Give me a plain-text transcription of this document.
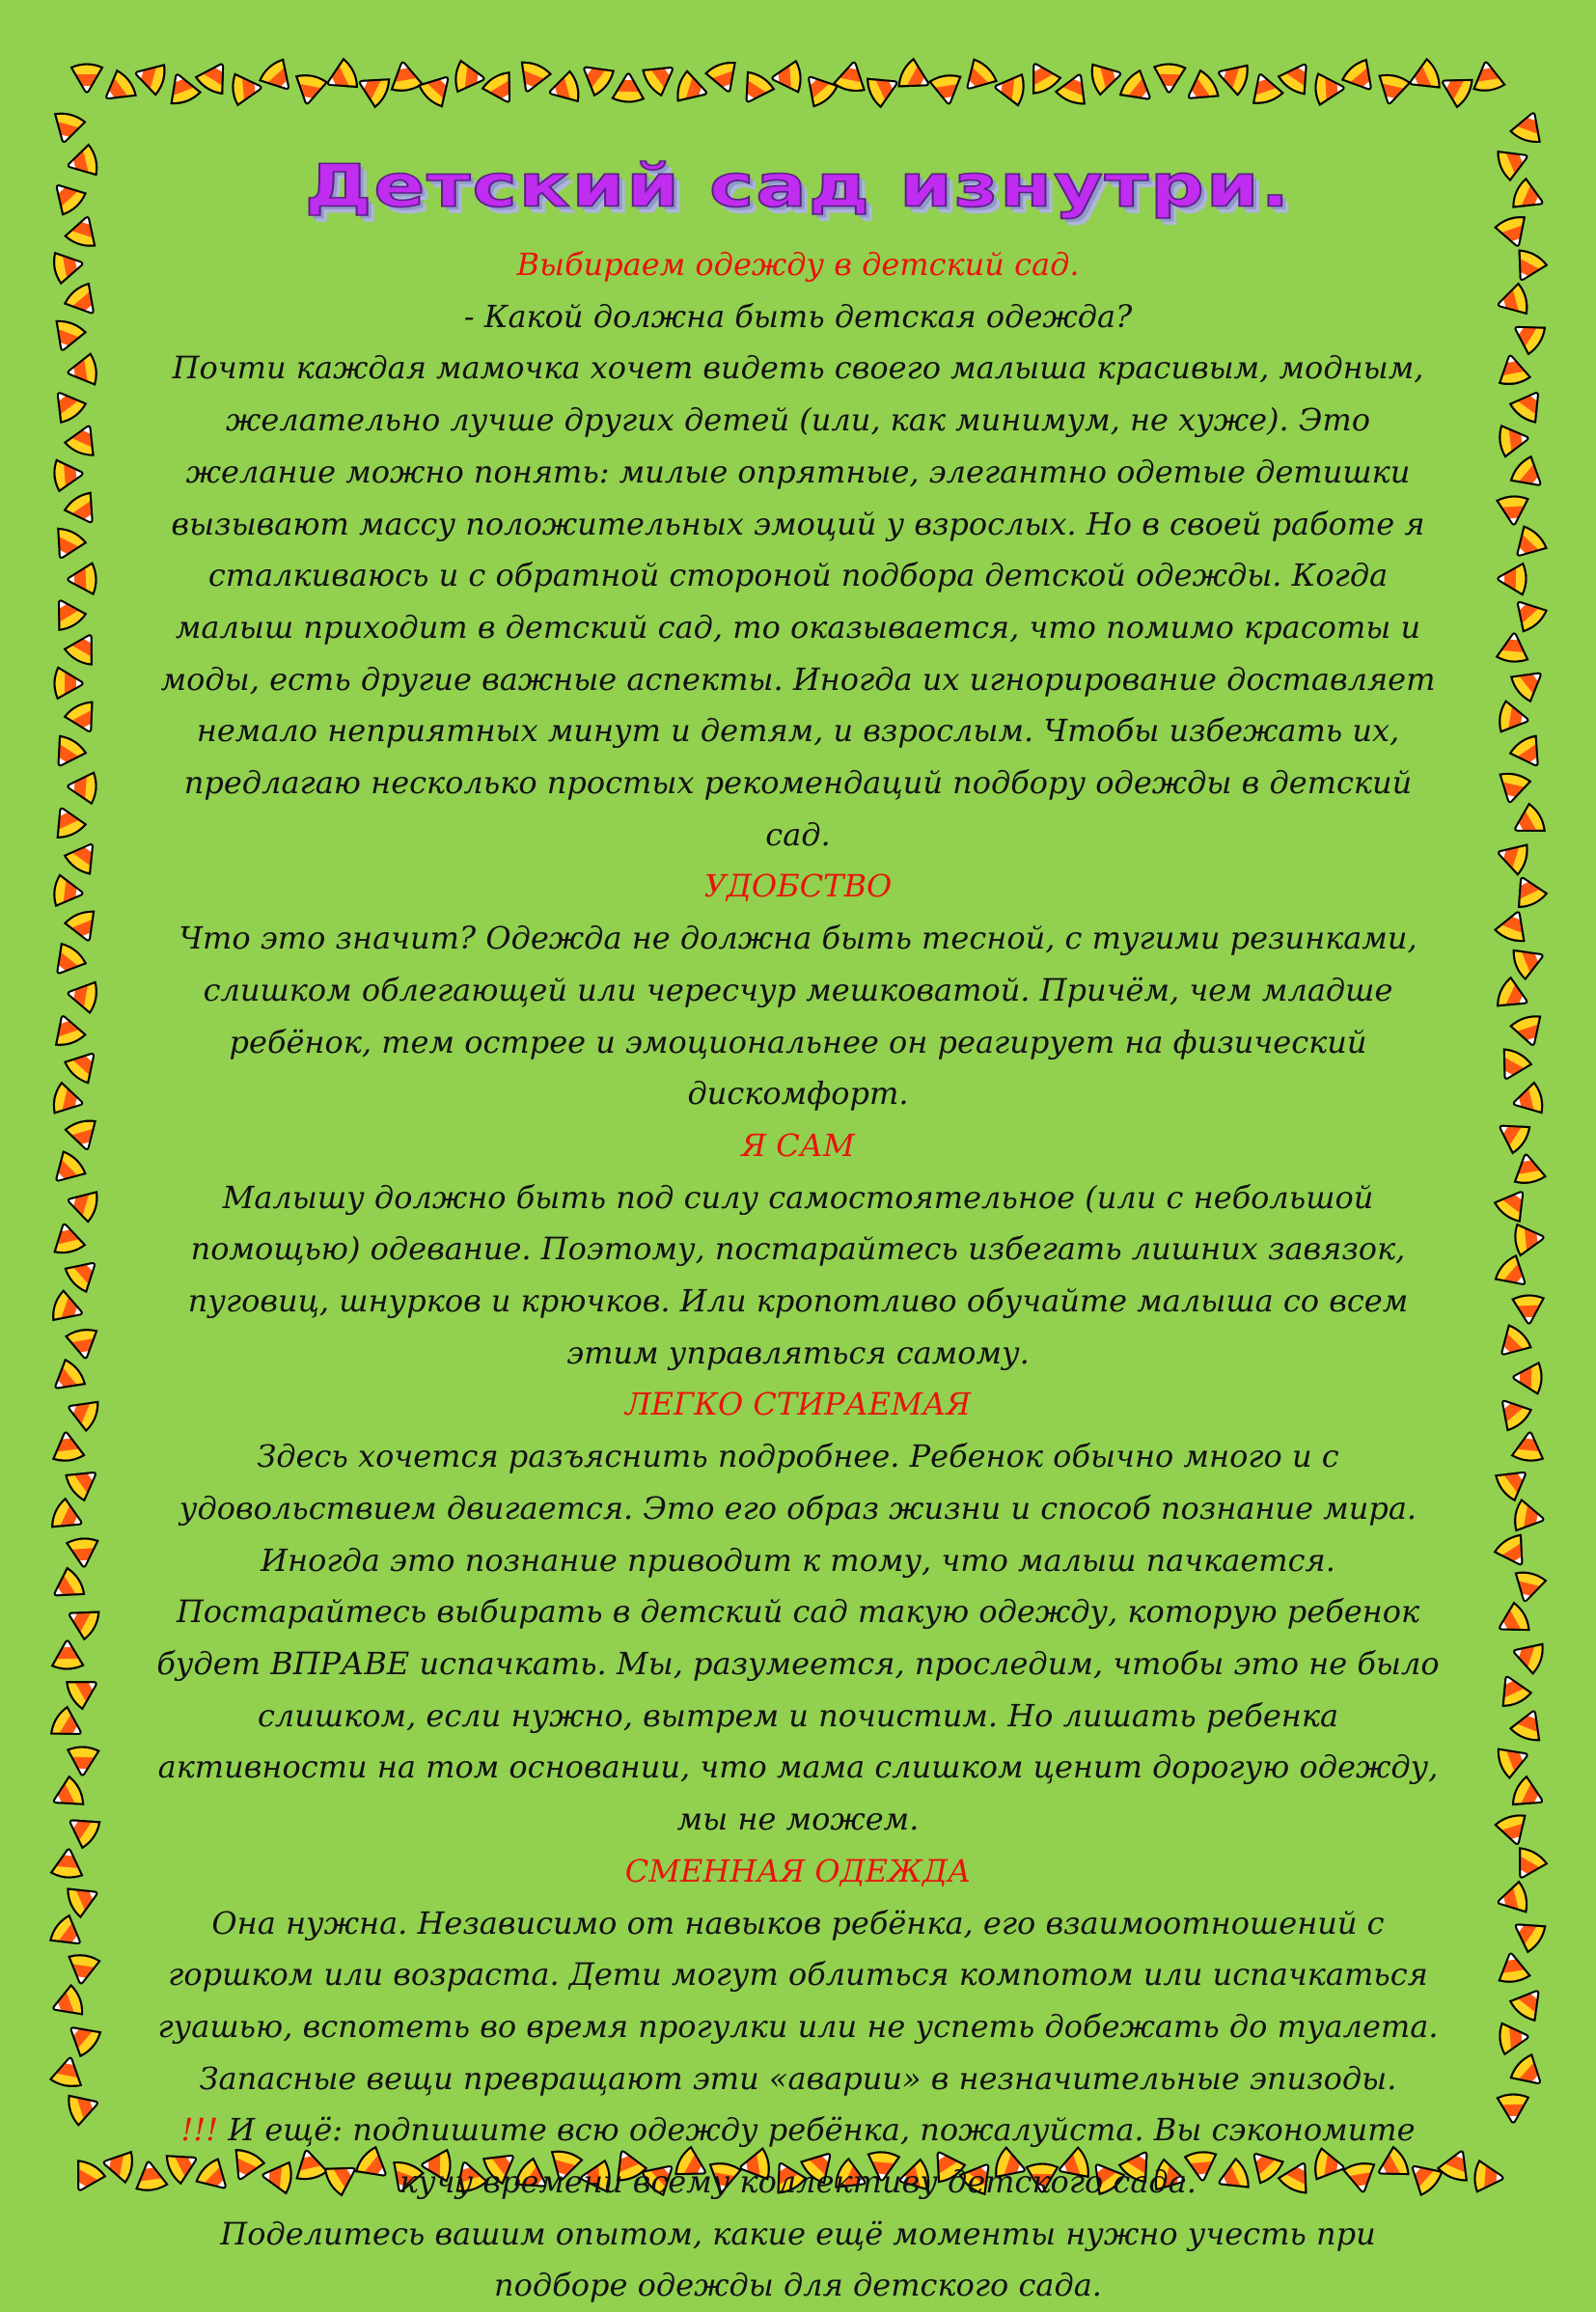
Детский сад изнутри.

Выбираем одежду в детский сад.

- Какой должна быть детская одежда?

Почти каждая мамочка хочет видеть своего малыша красивым, модным, желательно лучше других детей (или, как минимум, не хуже). Это желание можно понять: милые опрятные, элегантно одетые детишки вызывают массу положительных эмоций у взрослых. Но в своей работе я сталкиваюсь и с обратной стороной подбора детской одежды. Когда малыш приходит в детский сад, то оказывается, что помимо красоты и моды, есть другие важные аспекты. Иногда их игнорирование доставляет немало неприятных минут и детям, и взрослым. Чтобы избежать их, предлагаю несколько простых рекомендаций подбору одежды в детский сад.

УДОБСТВО

Что это значит? Одежда не должна быть тесной, с тугими резинками, слишком облегающей или чересчур мешковатой. Причём, чем младше ребёнок, тем острее и эмоциональнее он реагирует на физический дискомфорт.

Я САМ

Малышу должно быть под силу самостоятельное (или с небольшой помощью) одевание. Поэтому, постарайтесь избегать лишних завязок, пуговиц, шнурков и крючков. Или кропотливо обучайте малыша со всем этим управляться самому.

ЛЕГКО СТИРАЕМАЯ

Здесь хочется разъяснить подробнее. Ребенок обычно много и с удовольствием двигается. Это его образ жизни и способ познание мира. Иногда это познание приводит к тому, что малыш пачкается. Постарайтесь выбирать в детский сад такую одежду, которую ребенок будет ВПРАВЕ испачкать. Мы, разумеется, проследим, чтобы это не было слишком, если нужно, вытрем и почистим. Но лишать ребенка активности на том основании, что мама слишком ценит дорогую одежду, мы не можем.

СМЕННАЯ ОДЕЖДА

Она нужна. Независимо от навыков ребёнка, его взаимоотношений с горшком или возраста. Дети могут облиться компотом или испачкаться гуашью, вспотеть во время прогулки или не успеть добежать до туалета. Запасные вещи превращают эти «аварии» в незначительные эпизоды.

!!! И ещё: подпишите всю одежду ребёнка, пожалуйста. Вы сэкономите кучу времени всему коллективу детского сада.

Поделитесь вашим опытом, какие ещё моменты нужно учесть при подборе одежды для детского сада.
